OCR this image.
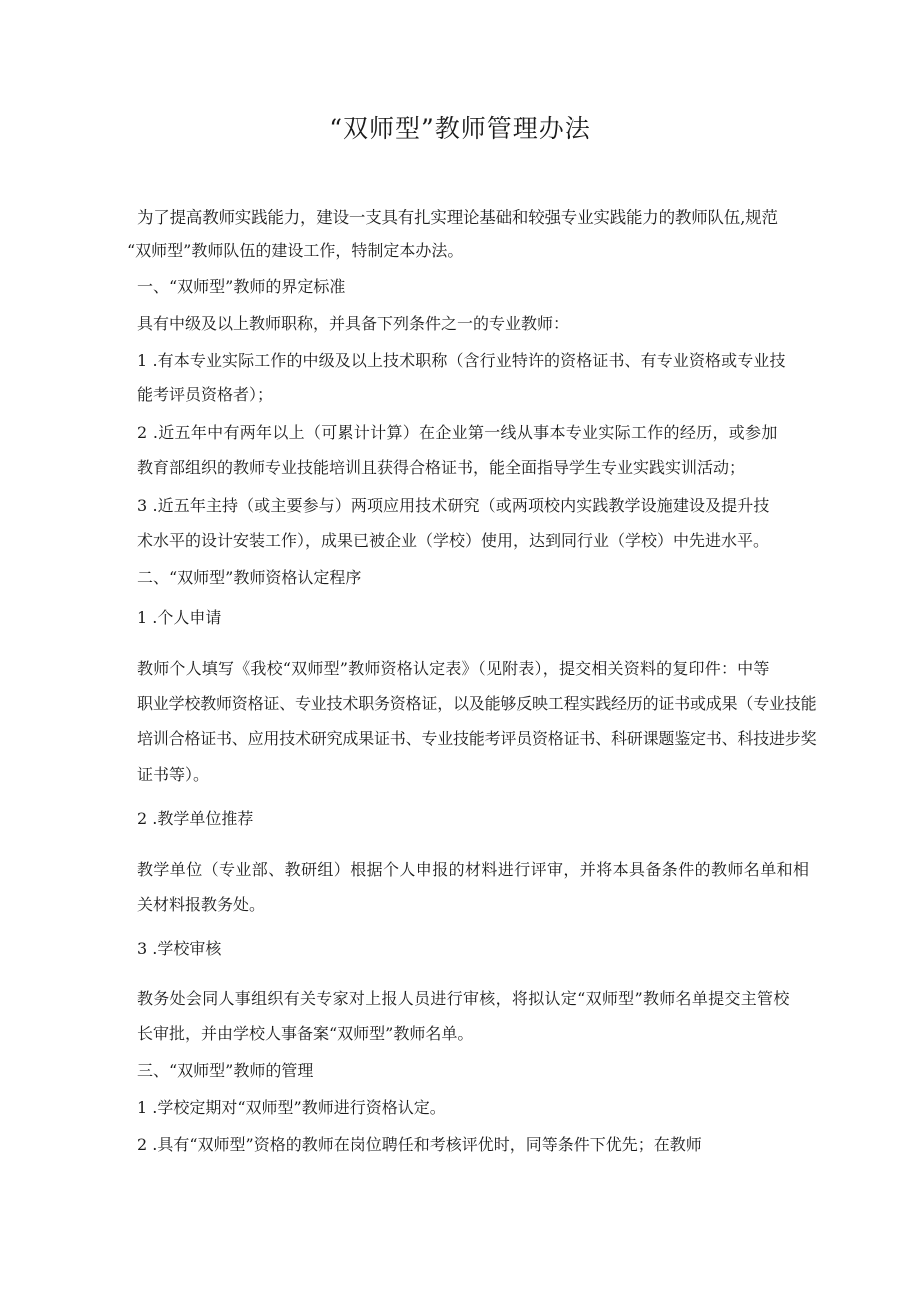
“双师型”教师管理办法
为了提高教师实践能力，建设一支具有扎实理论基础和较强专业实践能力的教师队伍,规范
“双师型”教师队伍的建设工作，特制定本办法。
一、“双师型”教师的界定标准
具有中级及以上教师职称，并具备下列条件之一的专业教师：
1 .有本专业实际工作的中级及以上技术职称（含行业特许的资格证书、有专业资格或专业技
能考评员资格者）；
2 .近五年中有两年以上（可累计计算）在企业第一线从事本专业实际工作的经历，或参加
教育部组织的教师专业技能培训且获得合格证书，能全面指导学生专业实践实训活动；
3 .近五年主持（或主要参与）两项应用技术研究（或两项校内实践教学设施建设及提升技
术水平的设计安装工作），成果已被企业（学校）使用，达到同行业（学校）中先进水平。
二、“双师型”教师资格认定程序
1 .个人申请
教师个人填写《我校“双师型”教师资格认定表》（见附表），提交相关资料的复印件：中等
职业学校教师资格证、专业技术职务资格证，以及能够反映工程实践经历的证书或成果（专业技能
培训合格证书、应用技术研究成果证书、专业技能考评员资格证书、科研课题鉴定书、科技进步奖
证书等）。
2 .教学单位推荐
教学单位（专业部、教研组）根据个人申报的材料进行评审，并将本具备条件的教师名单和相
关材料报教务处。
3 .学校审核
教务处会同人事组织有关专家对上报人员进行审核，将拟认定“双师型”教师名单提交主管校
长审批，并由学校人事备案“双师型”教师名单。
三、“双师型”教师的管理
1 .学校定期对“双师型”教师进行资格认定。
2 .具有“双师型”资格的教师在岗位聘任和考核评优时，同等条件下优先；在教师
